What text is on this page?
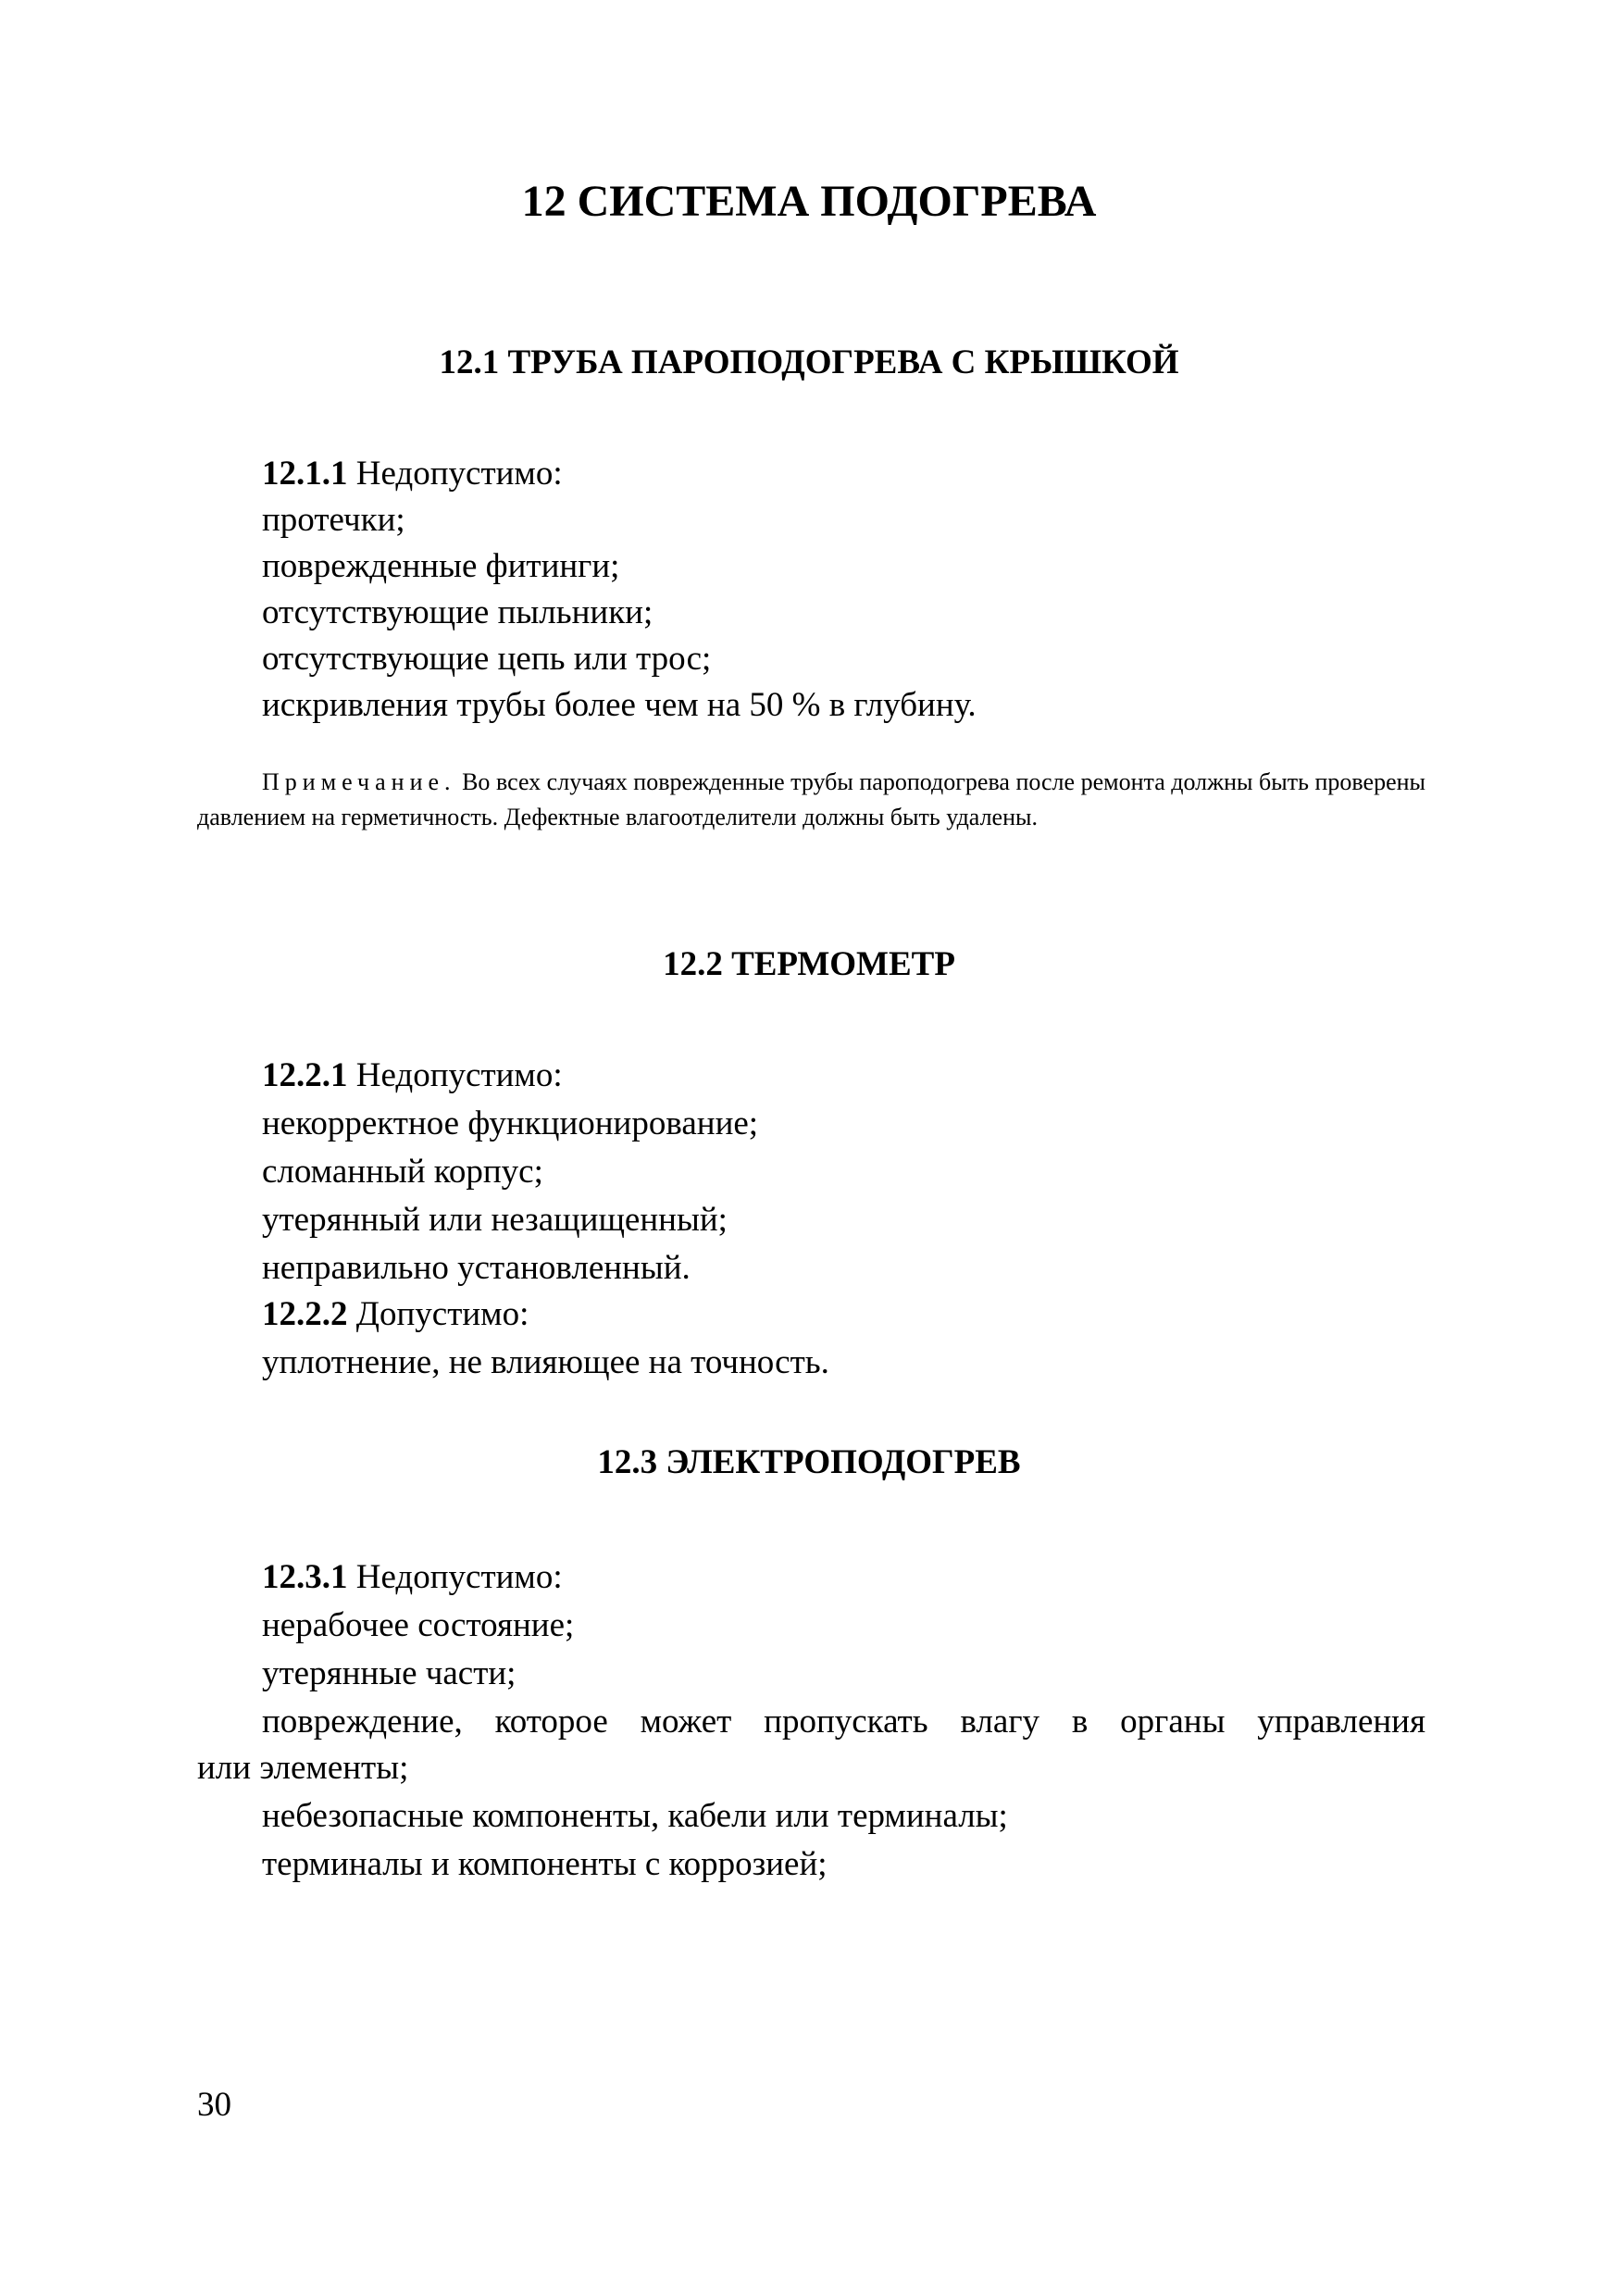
12 СИСТЕМА ПОДОГРЕВА
12.1 ТРУБА ПАРОПОДОГРЕВА С КРЫШКОЙ

12.1.1 Недопустимо:

протечки;

поврежденные фитинги;

отсутствующие пыльники;

отсутствующие цепь или трос;

искривления трубы более чем на 50 % в глубину.

Примечание. Во всех случаях поврежденные трубы пароподогрева после ремонта должны быть проверены давлением на герметичность. Дефектные влагоотделители должны быть удалены.

12.2 ТЕРМОМЕТР

12.2.1 Недопустимо:

некорректное функционирование;

сломанный корпус;

утерянный или незащищенный;

неправильно установленный.

12.2.2 Допустимо:

уплотнение, не влияющее на точность.

12.3 ЭЛЕКТРОПОДОГРЕВ

12.3.1 Недопустимо:

нерабочее состояние;

утерянные части;

повреждение, которое может пропускать влагу в органы управления

или элементы;

небезопасные компоненты, кабели или терминалы;

терминалы и компоненты с коррозией;

30
